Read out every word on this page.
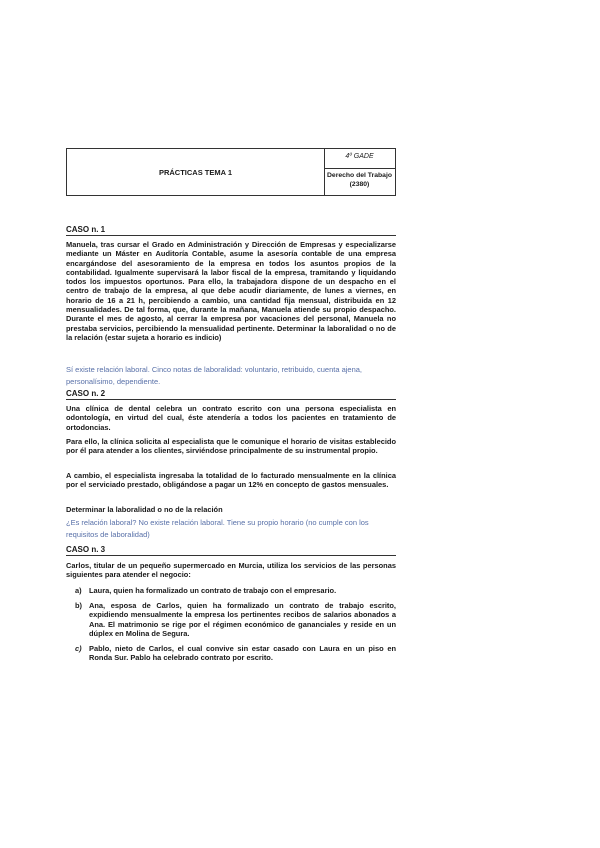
PRÁCTICAS TEMA 1
4º GADE
Derecho del Trabajo (2380)
CASO n. 1
Manuela, tras cursar el Grado en Administración y Dirección de Empresas y especializarse mediante un Máster en Auditoría Contable, asume la asesoría contable de una empresa encargándose del asesoramiento de la empresa en todos los asuntos propios de la contabilidad. Igualmente supervisará la labor fiscal de la empresa, tramitando y liquidando todos los impuestos oportunos. Para ello, la trabajadora dispone de un despacho en el centro de trabajo de la empresa, al que debe acudir diariamente, de lunes a viernes, en horario de 16 a 21 h, percibiendo a cambio, una cantidad fija mensual, distribuida en 12 mensualidades. De tal forma, que, durante la mañana, Manuela atiende su propio despacho. Durante el mes de agosto, al cerrar la empresa por vacaciones del personal, Manuela no prestaba servicios, percibiendo la mensualidad pertinente. Determinar la laboralidad o no de la relación (estar sujeta a horario es indicio)
Sí existe relación laboral. Cinco notas de laboralidad: voluntario, retribuido, cuenta ajena, personalísimo, dependiente.
CASO n. 2
Una clínica de dental celebra un contrato escrito con una persona especialista en odontología, en virtud del cual, éste atendería a todos los pacientes en tratamiento de ortodoncias.
Para ello, la clínica solicita al especialista que le comunique el horario de visitas establecido por él para atender a los clientes, sirviéndose principalmente de su instrumental propio.
A cambio, el especialista ingresaba la totalidad de lo facturado mensualmente en la clínica por el serviciado prestado, obligándose a pagar un 12% en concepto de gastos mensuales.
Determinar la laboralidad o no de la relación
¿Es relación laboral? No existe relación laboral. Tiene su propio horario (no cumple con los requisitos de laboralidad)
CASO n. 3
Carlos, titular de un pequeño supermercado en Murcia, utiliza los servicios de las personas siguientes para atender el negocio:
a) Laura, quien ha formalizado un contrato de trabajo con el empresario.
b) Ana, esposa de Carlos, quien ha formalizado un contrato de trabajo escrito, expidiendo mensualmente la empresa los pertinentes recibos de salarios abonados a Ana. El matrimonio se rige por el régimen económico de gananciales y reside en un dúplex en Molina de Segura.
c) Pablo, nieto de Carlos, el cual convive sin estar casado con Laura en un piso en Ronda Sur. Pablo ha celebrado contrato por escrito.
